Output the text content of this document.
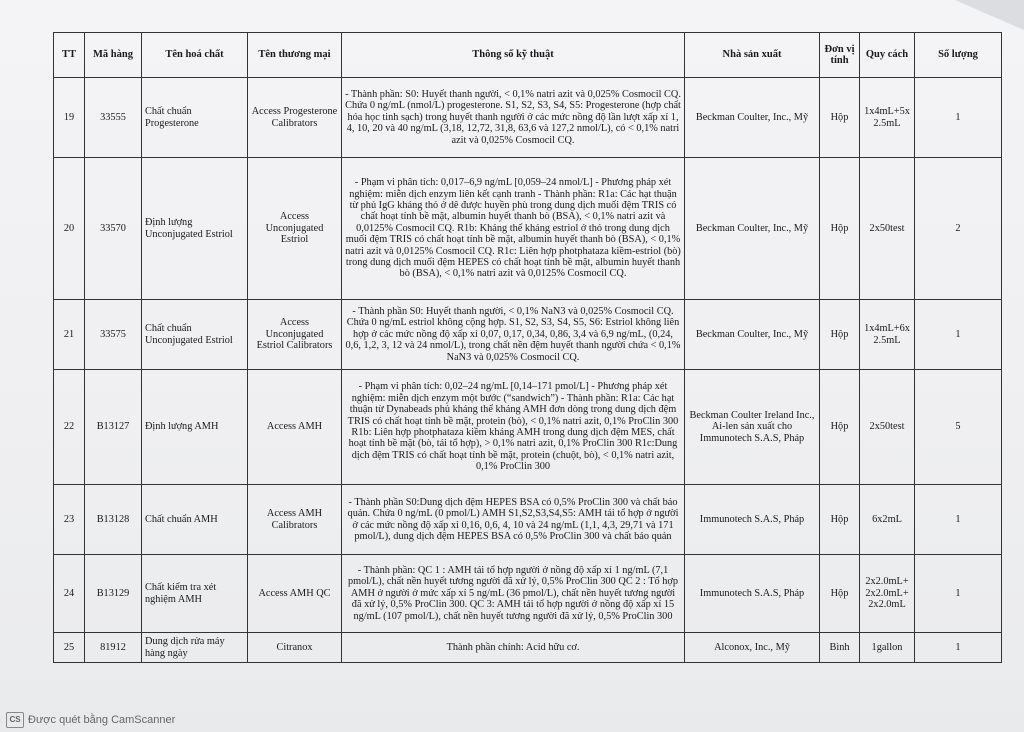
TT	Mã hàng	Tên hoá chất	Tên thương mại	Thông số kỹ thuật	Nhà sản xuất	Đơn vị tính	Quy cách	Số lượng
19	33555	Chất chuẩn Progesterone	Access Progesterone Calibrators	- Thành phần: S0: Huyết thanh người, < 0,1% natri azit và 0,025% Cosmocil CQ. Chứa 0 ng/mL (nmol/L) progesterone. S1, S2, S3, S4, S5: Progesterone (hợp chất hóa học tinh sạch) trong huyết thanh người ở các mức nồng độ lần lượt xấp xỉ 1, 4, 10, 20 và 40 ng/mL (3,18, 12,72, 31,8, 63,6 và 127,2 nmol/L), có < 0,1% natri azit và 0,025% Cosmocil CQ.	Beckman Coulter, Inc., Mỹ	Hộp	1x4mL+5x 2.5mL	1
20	33570	Định lượng Unconjugated Estriol	Access Unconjugated Estriol	- Phạm vi phân tích: 0,017–6,9 ng/mL [0,059–24 nmol/L] - Phương pháp xét nghiệm: miễn dịch enzym liên kết cạnh tranh - Thành phần: R1a: Các hạt thuận từ phủ IgG kháng thỏ ở dê được huyền phù trong dung dịch muối đệm TRIS có chất hoạt tính bề mặt, albumin huyết thanh bò (BSA), < 0,1% natri azit và 0,0125% Cosmocil CQ. R1b: Kháng thể kháng estriol ở thỏ trong dung dịch muối đệm TRIS có chất hoạt tính bề mặt, albumin huyết thanh bò (BSA), < 0,1% natri azit và 0,0125% Cosmocil CQ. R1c: Liên hợp photphataza kiềm-estriol (bò) trong dung dịch muối đệm HEPES có chất hoạt tính bề mặt, albumin huyết thanh bò (BSA), < 0,1% natri azit và 0,0125% Cosmocil CQ.	Beckman Coulter, Inc., Mỹ	Hộp	2x50test	2
21	33575	Chất chuẩn Unconjugated Estriol	Access Unconjugated Estriol Calibrators	- Thành phần S0: Huyết thanh người, < 0,1% NaN3 và 0,025% Cosmocil CQ. Chứa 0 ng/mL estriol không cộng hợp. S1, S2, S3, S4, S5, S6: Estriol không liên hợp ở các mức nồng độ xấp xỉ 0,07, 0,17, 0,34, 0,86, 3,4 và 6,9 ng/mL, (0,24, 0,6, 1,2, 3, 12 và 24 nmol/L), trong chất nền đệm huyết thanh người chứa < 0,1% NaN3 và 0,025% Cosmocil CQ.	Beckman Coulter, Inc., Mỹ	Hộp	1x4mL+6x 2.5mL	1
22	B13127	Định lượng AMH	Access AMH	- Phạm vi phân tích: 0,02–24 ng/mL [0,14–171 pmol/L] - Phương pháp xét nghiệm: miễn dịch enzym một bước (“sandwich”) - Thành phần: R1a: Các hạt thuận từ Dynabeads phủ kháng thể kháng AMH đơn dòng trong dung dịch đệm TRIS có chất hoạt tính bề mặt, protein (bò), < 0,1% natri azit, 0,1% ProClin 300 R1b: Liên hợp photphataza kiềm kháng AMH trong dung dịch đệm MES, chất hoạt tính bề mặt (bò, tái tổ hợp), > 0,1% natri azit, 0,1% ProClin 300 R1c:Dung dịch đệm TRIS có chất hoạt tính bề mặt, protein (chuột, bò), < 0,1% natri azit, 0,1% ProClin 300	Beckman Coulter Ireland Inc., Ai-len sản xuất cho Immunotech S.A.S, Pháp	Hộp	2x50test	5
23	B13128	Chất chuẩn AMH	Access AMH Calibrators	- Thành phần S0:Dung dịch đệm HEPES BSA có 0,5% ProClin 300 và chất bảo quản. Chứa 0 ng/mL (0 pmol/L) AMH S1,S2,S3,S4,S5: AMH tái tổ hợp ở người ở các mức nồng độ xấp xỉ 0,16, 0,6, 4, 10 và 24 ng/mL (1,1, 4,3, 29,71 và 171 pmol/L), dung dịch đệm HEPES BSA có 0,5% ProClin 300 và chất bảo quản	Immunotech S.A.S, Pháp	Hộp	6x2mL	1
24	B13129	Chất kiểm tra xét nghiệm AMH	Access AMH QC	- Thành phần: QC 1 : AMH tái tổ hợp người ở nồng độ xấp xỉ 1 ng/mL (7,1 pmol/L), chất nền huyết tương người đã xử lý, 0,5% ProClin 300 QC 2 : Tổ hợp AMH ở người ở mức xấp xỉ 5 ng/mL (36 pmol/L), chất nền huyết tương người đã xử lý, 0,5% ProClin 300. QC 3: AMH tái tổ hợp người ở nồng độ xấp xỉ 15 ng/mL (107 pmol/L), chất nền huyết tương người đã xử lý, 0,5% ProClin 300	Immunotech S.A.S, Pháp	Hộp	2x2.0mL+ 2x2.0mL+ 2x2.0mL	1
25	81912	Dung dịch rửa máy hàng ngày	Citranox	Thành phần chính: Acid hữu cơ.	Alconox, Inc., Mỹ	Bình	1gallon	1
CS Được quét bằng CamScanner
